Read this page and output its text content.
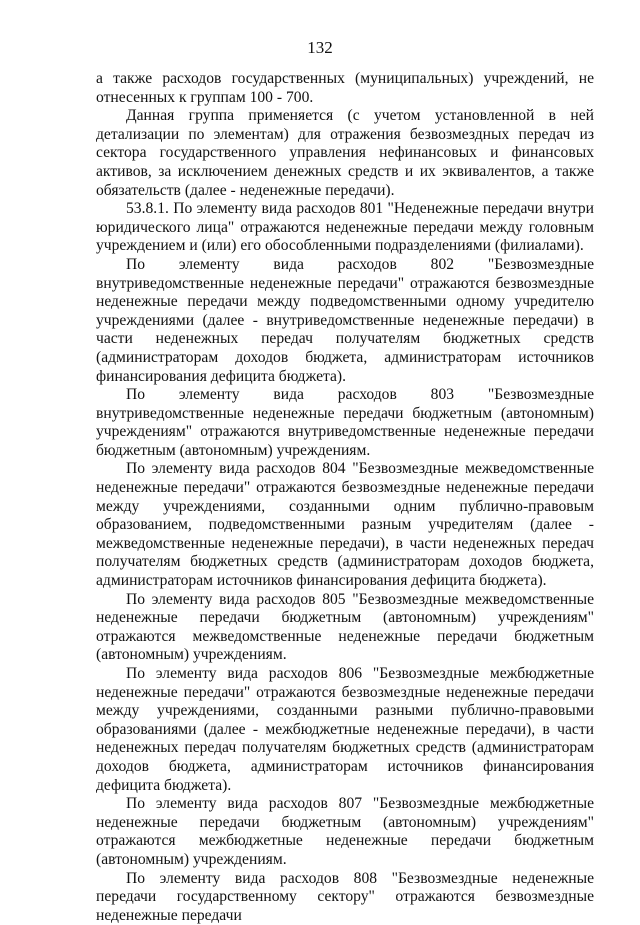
132

а также расходов государственных (муниципальных) учреждений, не отнесенных к группам 100 - 700.

Данная группа применяется (с учетом установленной в ней детализации по элементам) для отражения безвозмездных передач из сектора государственного управления нефинансовых и финансовых активов, за исключением денежных средств и их эквивалентов, а также обязательств (далее - неденежные передачи).

53.8.1. По элементу вида расходов 801 "Неденежные передачи внутри юридического лица" отражаются неденежные передачи между головным учреждением и (или) его обособленными подразделениями (филиалами).

По элементу вида расходов 802 "Безвозмездные внутриведомственные неденежные передачи" отражаются безвозмездные неденежные передачи между подведомственными одному учредителю учреждениями (далее - внутриведомственные неденежные передачи) в части неденежных передач получателям бюджетных средств (администраторам доходов бюджета, администраторам источников финансирования дефицита бюджета).

По элементу вида расходов 803 "Безвозмездные внутриведомственные неденежные передачи бюджетным (автономным) учреждениям" отражаются внутриведомственные неденежные передачи бюджетным (автономным) учреждениям.

По элементу вида расходов 804 "Безвозмездные межведомственные неденежные передачи" отражаются безвозмездные неденежные передачи между учреждениями, созданными одним публично-правовым образованием, подведомственными разным учредителям (далее - межведомственные неденежные передачи), в части неденежных передач получателям бюджетных средств (администраторам доходов бюджета, администраторам источников финансирования дефицита бюджета).

По элементу вида расходов 805 "Безвозмездные межведомственные неденежные передачи бюджетным (автономным) учреждениям" отражаются межведомственные неденежные передачи бюджетным (автономным) учреждениям.

По элементу вида расходов 806 "Безвозмездные межбюджетные неденежные передачи" отражаются безвозмездные неденежные передачи между учреждениями, созданными разными публично-правовыми образованиями (далее - межбюджетные неденежные передачи), в части неденежных передач получателям бюджетных средств (администраторам доходов бюджета, администраторам источников финансирования дефицита бюджета).

По элементу вида расходов 807 "Безвозмездные межбюджетные неденежные передачи бюджетным (автономным) учреждениям" отражаются межбюджетные неденежные передачи бюджетным (автономным) учреждениям.

По элементу вида расходов 808 "Безвозмездные неденежные передачи государственному сектору" отражаются безвозмездные неденежные передачи
